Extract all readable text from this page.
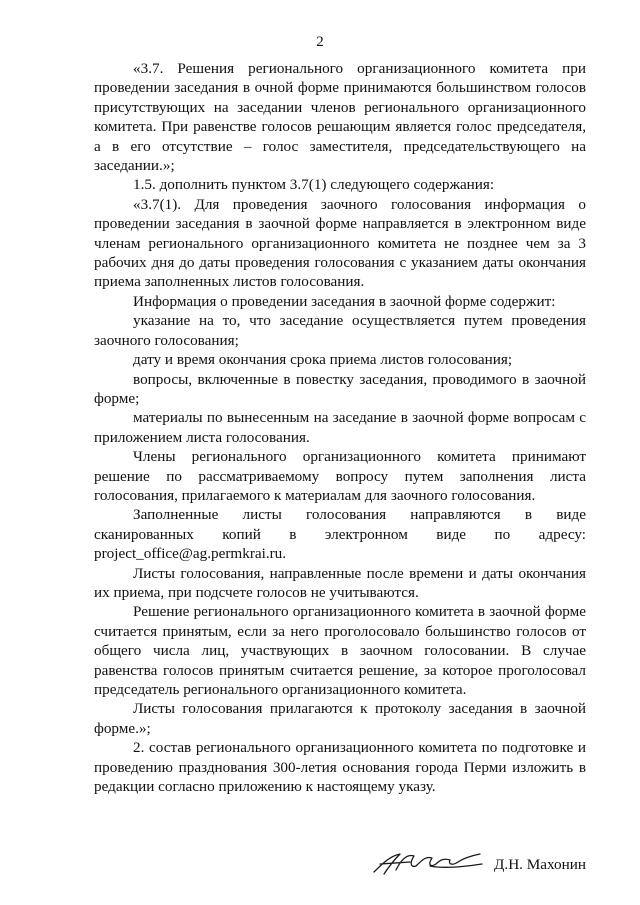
2

«3.7. Решения регионального организационного комитета при проведении заседания в очной форме принимаются большинством голосов присутствующих на заседании членов регионального организационного комитета. При равенстве голосов решающим является голос председателя, а в его отсутствие – голос заместителя, председательствующего на заседании.»;

1.5. дополнить пунктом 3.7(1) следующего содержания:

«3.7(1). Для проведения заочного голосования информация о проведении заседания в заочной форме направляется в электронном виде членам регионального организационного комитета не позднее чем за 3 рабочих дня до даты проведения голосования с указанием даты окончания приема заполненных листов голосования.

Информация о проведении заседания в заочной форме содержит:

указание на то, что заседание осуществляется путем проведения заочного голосования;

дату и время окончания срока приема листов голосования;

вопросы, включенные в повестку заседания, проводимого в заочной форме;

материалы по вынесенным на заседание в заочной форме вопросам с приложением листа голосования.

Члены регионального организационного комитета принимают решение по рассматриваемому вопросу путем заполнения листа голосования, прилагаемого к материалам для заочного голосования.

Заполненные листы голосования направляются в виде сканированных копий в электронном виде по адресу: project_office@ag.permkrai.ru.

Листы голосования, направленные после времени и даты окончания их приема, при подсчете голосов не учитываются.

Решение регионального организационного комитета в заочной форме считается принятым, если за него проголосовало большинство голосов от общего числа лиц, участвующих в заочном голосовании. В случае равенства голосов принятым считается решение, за которое проголосовал председатель регионального организационного комитета.

Листы голосования прилагаются к протоколу заседания в заочной форме.»;

2. состав регионального организационного комитета по подготовке и проведению празднования 300-летия основания города Перми изложить в редакции согласно приложению к настоящему указу.

Д.Н. Махонин
